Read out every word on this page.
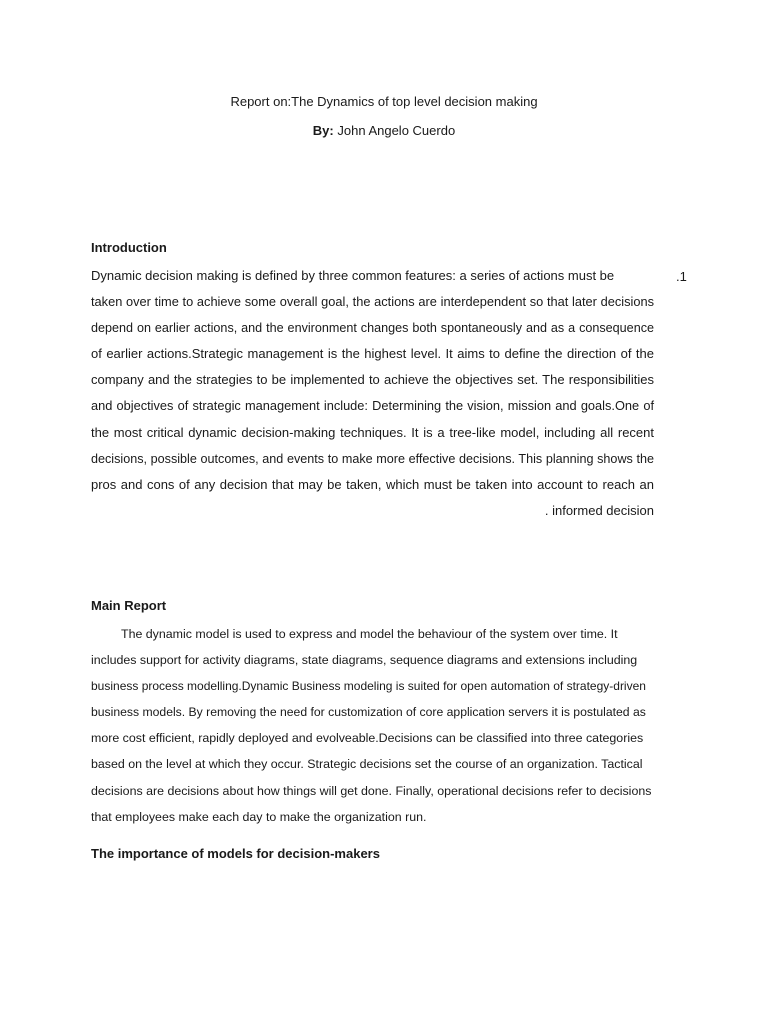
Report on:The Dynamics of top level decision making
By: John Angelo Cuerdo
Introduction
.1
Dynamic decision making is defined by three common features: a series of actions must be
taken over time to achieve some overall goal, the actions are interdependent so that later decisions
depend on earlier actions, and the environment changes both spontaneously and as a consequence
of earlier actions.Strategic management is the highest level. It aims to define the direction of the
company and the strategies to be implemented to achieve the objectives set. The responsibilities
and objectives of strategic management include: Determining the vision, mission and goals.One of
the most critical dynamic decision-making techniques. It is a tree-like model, including all recent
decisions, possible outcomes, and events to make more effective decisions. This planning shows the
pros and cons of any decision that may be taken, which must be taken into account to reach an
. informed decision
Main Report
The dynamic model is used to express and model the behaviour of the system over time. It
includes support for activity diagrams, state diagrams, sequence diagrams and extensions including
business process modelling.Dynamic Business modeling is suited for open automation of strategy-driven
business models. By removing the need for customization of core application servers it is postulated as
more cost efficient, rapidly deployed and evolveable.Decisions can be classified into three categories
based on the level at which they occur. Strategic decisions set the course of an organization. Tactical
decisions are decisions about how things will get done. Finally, operational decisions refer to decisions
that employees make each day to make the organization run.
The importance of models for decision-makers
